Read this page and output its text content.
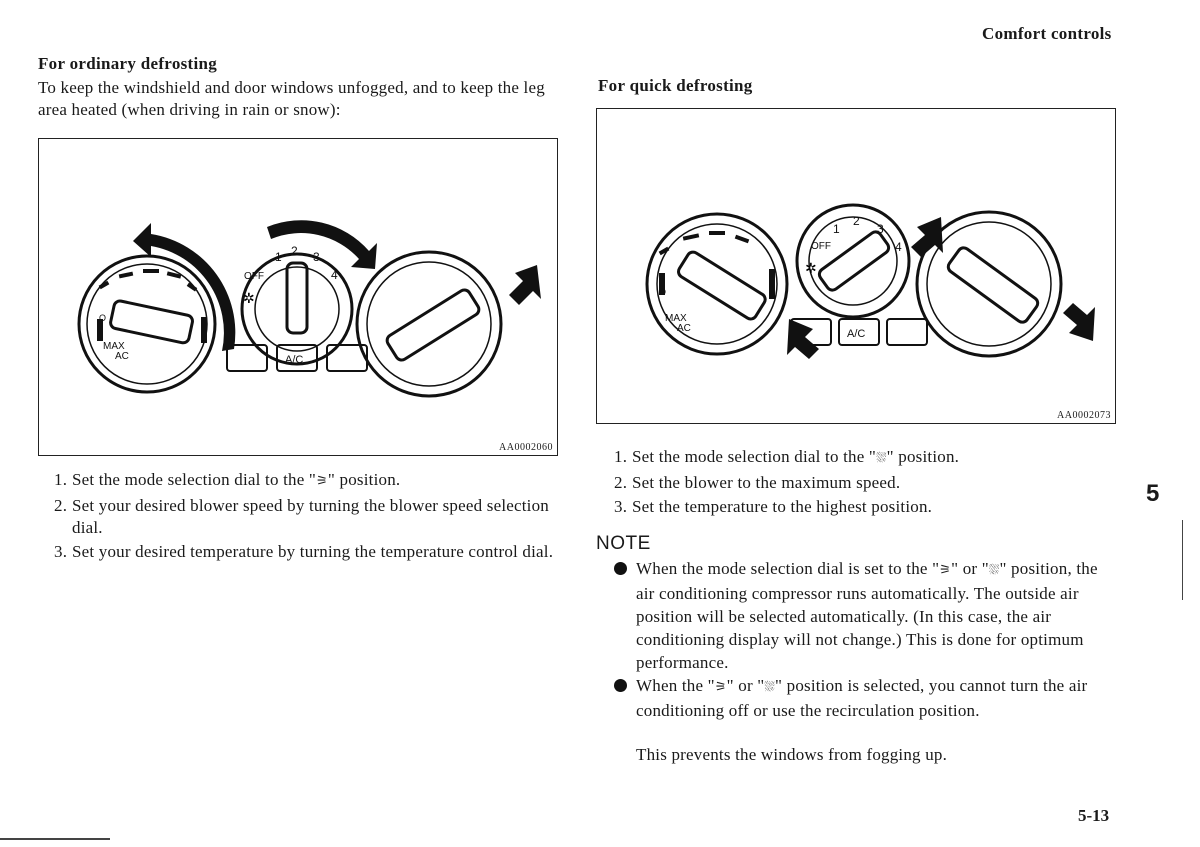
Comfort controls
For ordinary defrosting
To keep the windshield and door windows unfogged, and to keep the leg area heated (when driving in rain or snow):
1 2 3
4
OFF
A/C
O
MAX
AC
✲
AA0002060
1. Set the mode selection dial to the "⚞" position.
2. Set your desired blower speed by turning the blower speed selection dial.
3. Set your desired temperature by turning the temperature control dial.
For quick defrosting
1
2
3
4
OFF
A/C
O
MAX
AC
✲
AA0002073
1. Set the mode selection dial to the "⛆" position.
2. Set the blower to the maximum speed.
3. Set the temperature to the highest position.
NOTE
When the mode selection dial is set to the "⚞" or "⛆" position, the air conditioning compressor runs automatically. The outside air position will be selected automatically. (In this case, the air conditioning display will not change.) This is done for optimum performance.
When the "⚞" or "⛆" position is selected, you cannot turn the air conditioning off or use the recirculation position.
This prevents the windows from fogging up.
5
5-13
